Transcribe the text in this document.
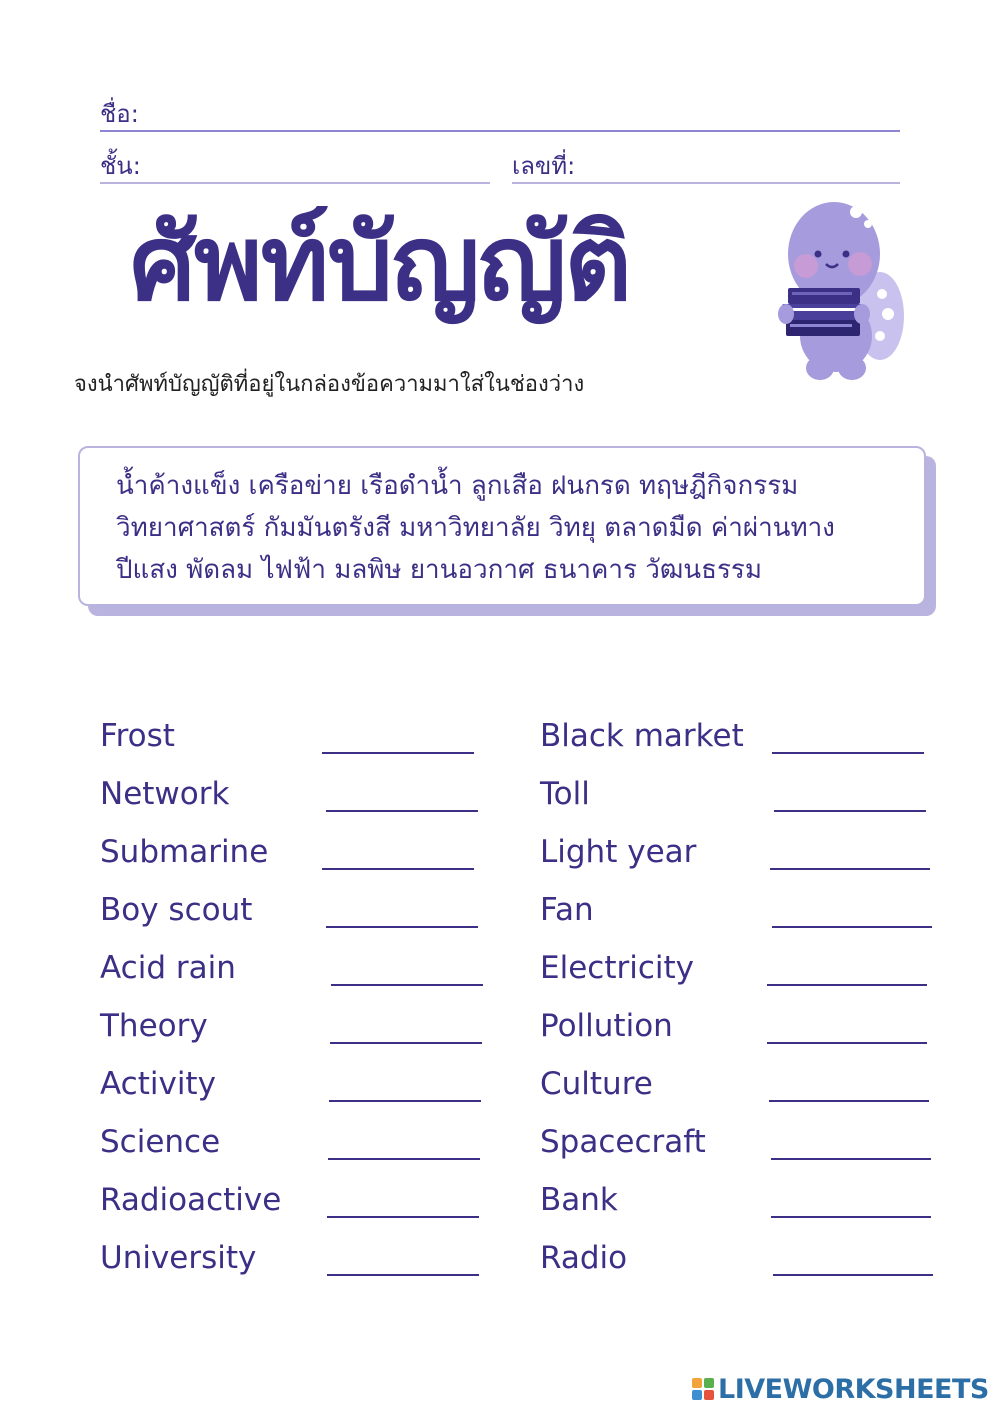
ชื่อ:
ชั้น:	เลขที่:
ศัพท์บัญญัติ
จงนำศัพท์บัญญัติที่อยู่ในกล่องข้อความมาใส่ในช่องว่าง
น้ำค้างแข็ง เครือข่าย เรือดำน้ำ ลูกเสือ ฝนกรด ทฤษฎีกิจกรรม
วิทยาศาสตร์ กัมมันตรังสี มหาวิทยาลัย วิทยุ ตลาดมืด ค่าผ่านทาง
ปีแสง พัดลม ไฟฟ้า มลพิษ ยานอวกาศ ธนาคาร วัฒนธรรม
Frost
Network
Submarine
Boy scout
Acid rain
Theory
Activity
Science
Radioactive
University
Black market
Toll
Light year
Fan
Electricity
Pollution
Culture
Spacecraft
Bank
Radio
LIVEWORKSHEETS
